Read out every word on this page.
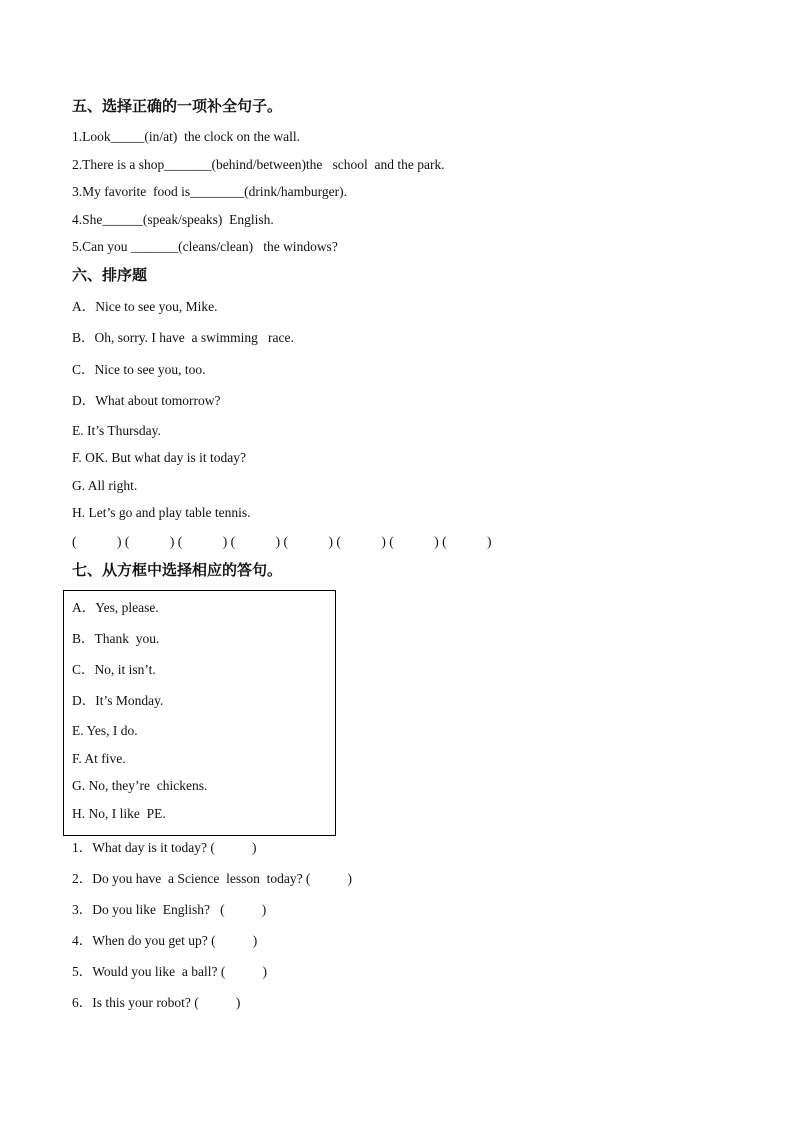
五、选择正确的一项补全句子。
1.Look_____(in/at)  the clock on the wall.
2.There is a shop_______(behind/between)the   school  and the park.
3.My favorite  food is________(drink/hamburger).
4.She______(speak/speaks)  English.
5.Can you _______(cleans/clean)   the windows?
六、排序题
A．Nice to see you, Mike.
B．Oh, sorry. I have  a swimming   race.
C．Nice to see you, too.
D．What about tomorrow?
E. It’s Thursday.
F. OK. But what day is it today?
G. All right.
H. Let’s go and play table tennis.
(            ) (            ) (            ) (            ) (            ) (            ) (            ) (            )
七、从方框中选择相应的答句。
A．Yes, please.
B．Thank  you.
C．No, it isn’t.
D．It’s Monday.
E. Yes, I do.
F. At five.
G. No, they’re  chickens.
H. No, I like  PE.
1．What day is it today? (           )
2．Do you have  a Science  lesson  today? (           )
3．Do you like  English?   (           )
4．When do you get up? (           )
5．Would you like  a ball? (           )
6．Is this your robot? (           )
